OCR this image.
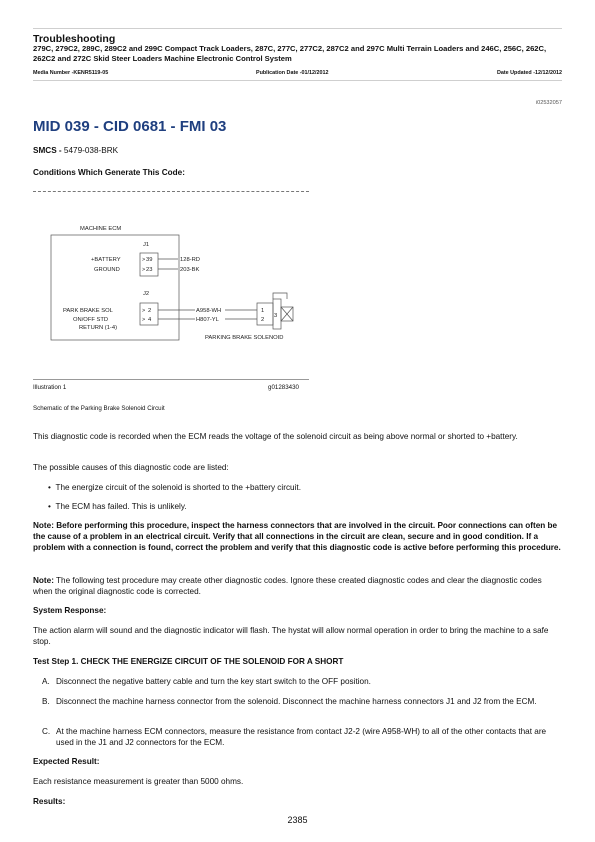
Troubleshooting
279C, 279C2, 289C, 289C2 and 299C Compact Track Loaders, 287C, 277C, 277C2, 287C2 and 297C Multi Terrain Loaders and 246C, 256C, 262C, 262C2 and 272C Skid Steer Loaders Machine Electronic Control System
Media Number -KENR5119-05	Publication Date -01/12/2012	Date Updated -12/12/2012
i02532057
MID 039 - CID 0681 - FMI 03
SMCS - 5479-038-BRK
Conditions Which Generate This Code:
MACHINE ECM
J1
+BATTERY
GROUND
> 39
> 23
128-RD
203-BK
J2
PARK BRAKE SOL
ON/OFF STD
RETURN (1-4)
> 2
> 4
A958-WH
H807-YL
1
2
3
PARKING BRAKE SOLENOID
Illustration 1	g01283430
Schematic of the Parking Brake Solenoid Circuit
This diagnostic code is recorded when the ECM reads the voltage of the solenoid circuit as being above normal or shorted to +battery.
The possible causes of this diagnostic code are listed:
• The energize circuit of the solenoid is shorted to the +battery circuit.
• The ECM has failed. This is unlikely.
Note: Before performing this procedure, inspect the harness connectors that are involved in the circuit. Poor connections can often be the cause of a problem in an electrical circuit. Verify that all connections in the circuit are clean, secure and in good condition. If a problem with a connection is found, correct the problem and verify that this diagnostic code is active before performing this procedure.
Note: The following test procedure may create other diagnostic codes. Ignore these created diagnostic codes and clear the diagnostic codes when the original diagnostic code is corrected.
System Response:
The action alarm will sound and the diagnostic indicator will flash. The hystat will allow normal operation in order to bring the machine to a safe stop.
Test Step 1. CHECK THE ENERGIZE CIRCUIT OF THE SOLENOID FOR A SHORT
A. Disconnect the negative battery cable and turn the key start switch to the OFF position.
B. Disconnect the machine harness connector from the solenoid. Disconnect the machine harness connectors J1 and J2 from the ECM.
C. At the machine harness ECM connectors, measure the resistance from contact J2-2 (wire A958-WH) to all of the other contacts that are used in the J1 and J2 connectors for the ECM.
Expected Result:
Each resistance measurement is greater than 5000 ohms.
Results:
2385
